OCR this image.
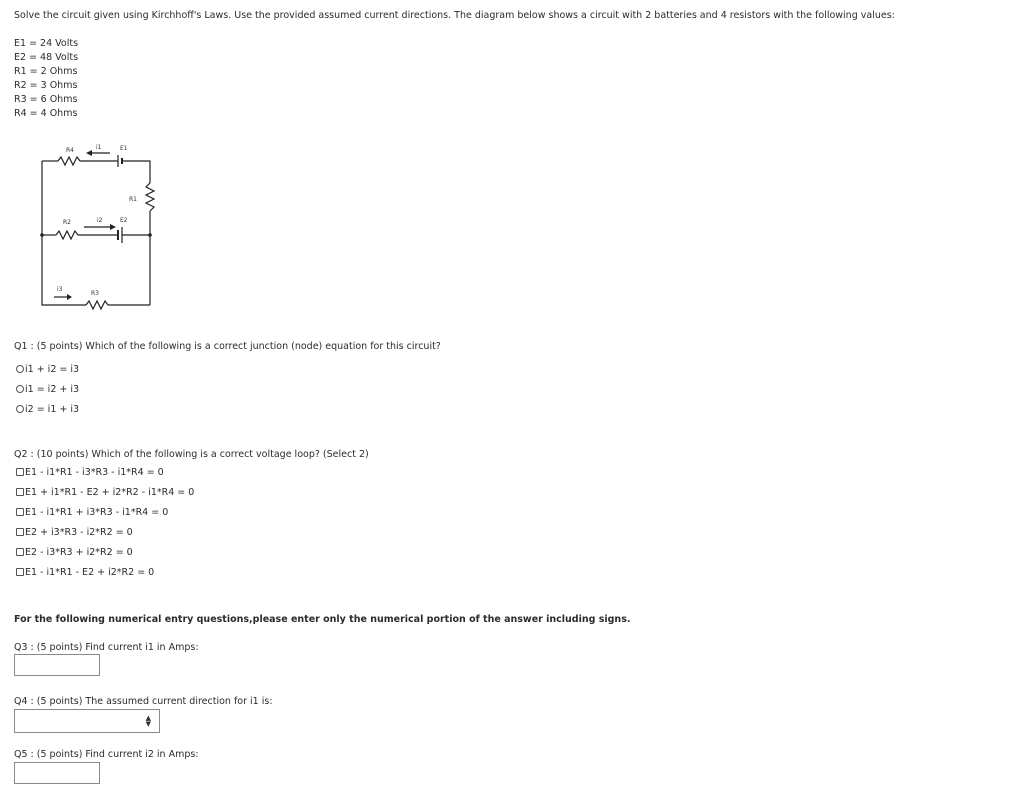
Solve the circuit given using Kirchhoff's Laws. Use the provided assumed current directions. The diagram below shows a circuit with 2 batteries and 4 resistors with the following values:
E1 = 24 Volts
E2 = 48 Volts
R1 = 2 Ohms
R2 = 3 Ohms
R3 = 6 Ohms
R4 = 4 Ohms
R4	i1	E1
R1
R2	i2	E2
i3
R3
Q1 : (5 points) Which of the following is a correct junction (node) equation for this circuit?
i1 + i2 = i3
i1 = i2 + i3
i2 = i1 + i3
Q2 : (10 points) Which of the following is a correct voltage loop? (Select 2)
E1 - i1*R1 - i3*R3 - i1*R4 = 0
E1 + i1*R1 - E2 + i2*R2 - i1*R4 = 0
E1 - i1*R1 + i3*R3 - i1*R4 = 0
E2 + i3*R3 - i2*R2 = 0
E2 - i3*R3 + i2*R2 = 0
E1 - i1*R1 - E2 + i2*R2 = 0
For the following numerical entry questions,please enter only the numerical portion of the answer including signs.
Q3 : (5 points) Find current i1 in Amps:
Q4 : (5 points) The assumed current direction for i1 is:
▲
▼
Q5 : (5 points) Find current i2 in Amps:
